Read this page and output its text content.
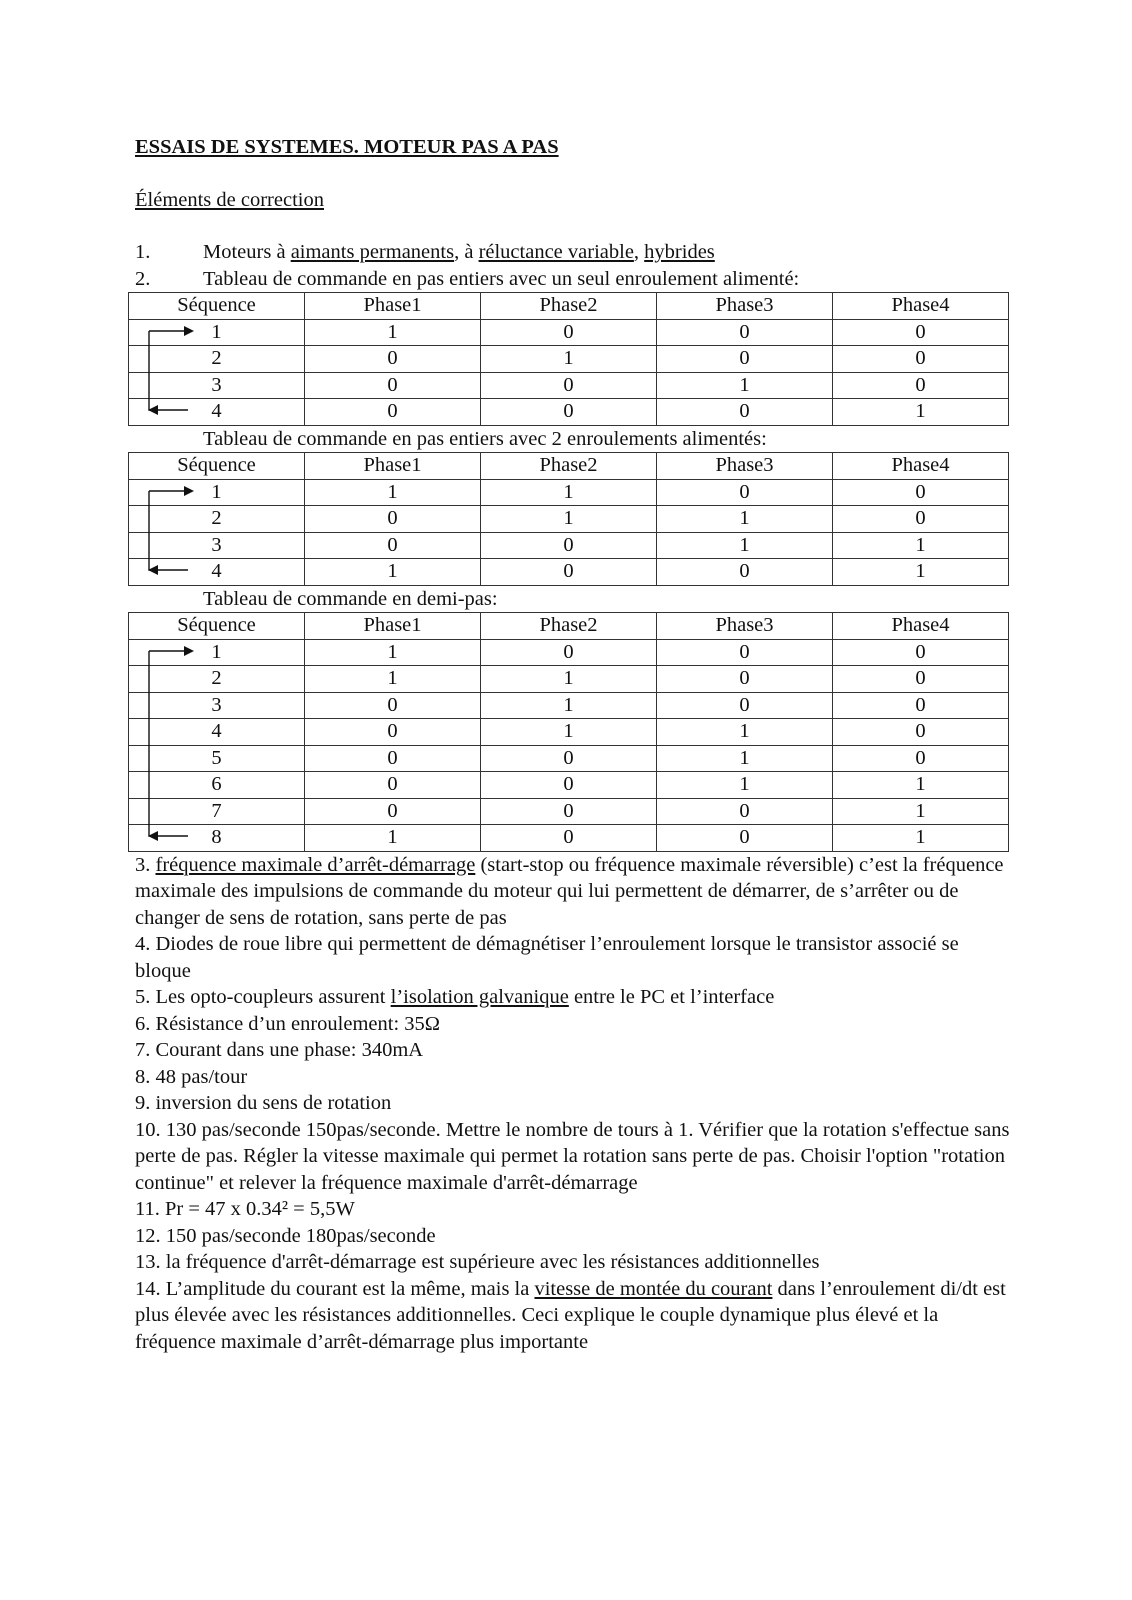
ESSAIS DE SYSTEMES. MOTEUR PAS A PAS
Éléments de correction
1.	Moteurs à aimants permanents, à réluctance variable, hybrides
2.	Tableau de commande en pas entiers avec un seul enroulement alimenté:
Séquence	Phase1	Phase2	Phase3	Phase4
1	1	0	0	0
2	0	1	0	0
3	0	0	1	0
4	0	0	0	1
Tableau de commande en pas entiers avec 2 enroulements alimentés:
Séquence	Phase1	Phase2	Phase3	Phase4
1	1	1	0	0
2	0	1	1	0
3	0	0	1	1
4	1	0	0	1
Tableau de commande en demi-pas:
Séquence	Phase1	Phase2	Phase3	Phase4
1	1	0	0	0
2	1	1	0	0
3	0	1	0	0
4	0	1	1	0
5	0	0	1	0
6	0	0	1	1
7	0	0	0	1
8	1	0	0	1

3. fréquence maximale d’arrêt-démarrage (start-stop ou fréquence maximale réversible) c’est la fréquence maximale des impulsions de commande du moteur qui lui permettent de démarrer, de s’arrêter ou de changer de sens de rotation, sans perte de pas

4. Diodes de roue libre qui permettent de démagnétiser l’enroulement lorsque le transistor associé se bloque

5. Les opto-coupleurs assurent l’isolation galvanique entre le PC et l’interface

6. Résistance d’un enroulement: 35Ω

7. Courant dans une phase: 340mA

8. 48 pas/tour

9. inversion du sens de rotation

10. 130 pas/seconde 150pas/seconde. Mettre le nombre de tours à 1. Vérifier que la rotation s'effectue sans perte de pas. Régler la vitesse maximale qui permet la rotation sans perte de pas. Choisir l'option "rotation continue" et relever la fréquence maximale d'arrêt-démarrage

11. Pr = 47 x 0.34² = 5,5W

12. 150 pas/seconde 180pas/seconde

13. la fréquence d'arrêt-démarrage est supérieure avec les résistances additionnelles

14. L’amplitude du courant est la même, mais la vitesse de montée du courant dans l’enroulement di/dt est plus élevée avec les résistances additionnelles. Ceci explique le couple dynamique plus élevé et la fréquence maximale d’arrêt-démarrage plus importante
